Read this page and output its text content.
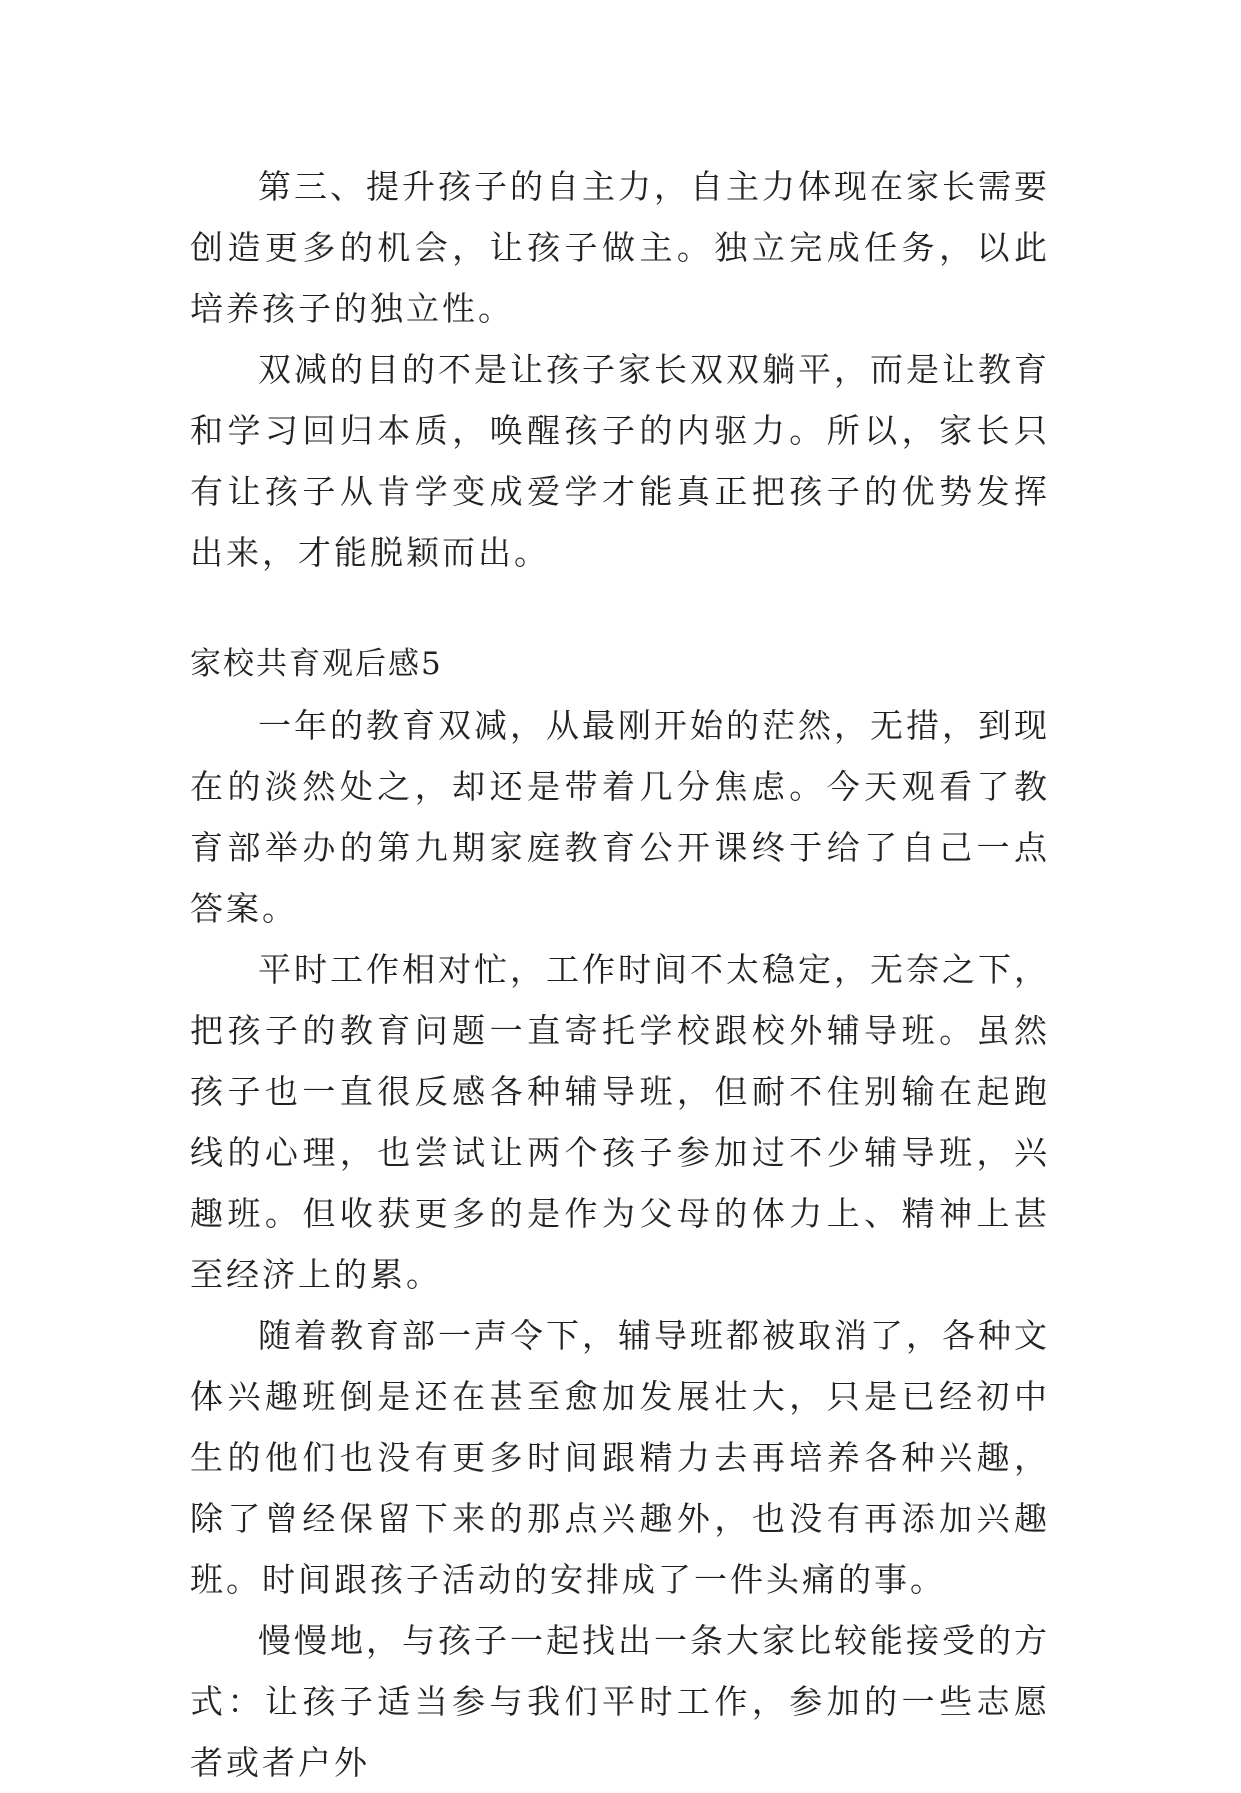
第三、提升孩子的自主力，自主力体现在家长需要创造更多的机会，让孩子做主。独立完成任务，以此培养孩子的独立性。

双减的目的不是让孩子家长双双躺平，而是让教育和学习回归本质，唤醒孩子的内驱力。所以，家长只有让孩子从肯学变成爱学才能真正把孩子的优势发挥出来，才能脱颖而出。

家校共育观后感5

一年的教育双减，从最刚开始的茫然，无措，到现在的淡然处之，却还是带着几分焦虑。今天观看了教育部举办的第九期家庭教育公开课终于给了自己一点答案。

平时工作相对忙，工作时间不太稳定，无奈之下，把孩子的教育问题一直寄托学校跟校外辅导班。虽然孩子也一直很反感各种辅导班，但耐不住别输在起跑线的心理，也尝试让两个孩子参加过不少辅导班，兴趣班。但收获更多的是作为父母的体力上、精神上甚至经济上的累。

随着教育部一声令下，辅导班都被取消了，各种文体兴趣班倒是还在甚至愈加发展壮大，只是已经初中生的他们也没有更多时间跟精力去再培养各种兴趣，除了曾经保留下来的那点兴趣外，也没有再添加兴趣班。时间跟孩子活动的安排成了一件头痛的事。

慢慢地，与孩子一起找出一条大家比较能接受的方式：让孩子适当参与我们平时工作，参加的一些志愿者或者户外
